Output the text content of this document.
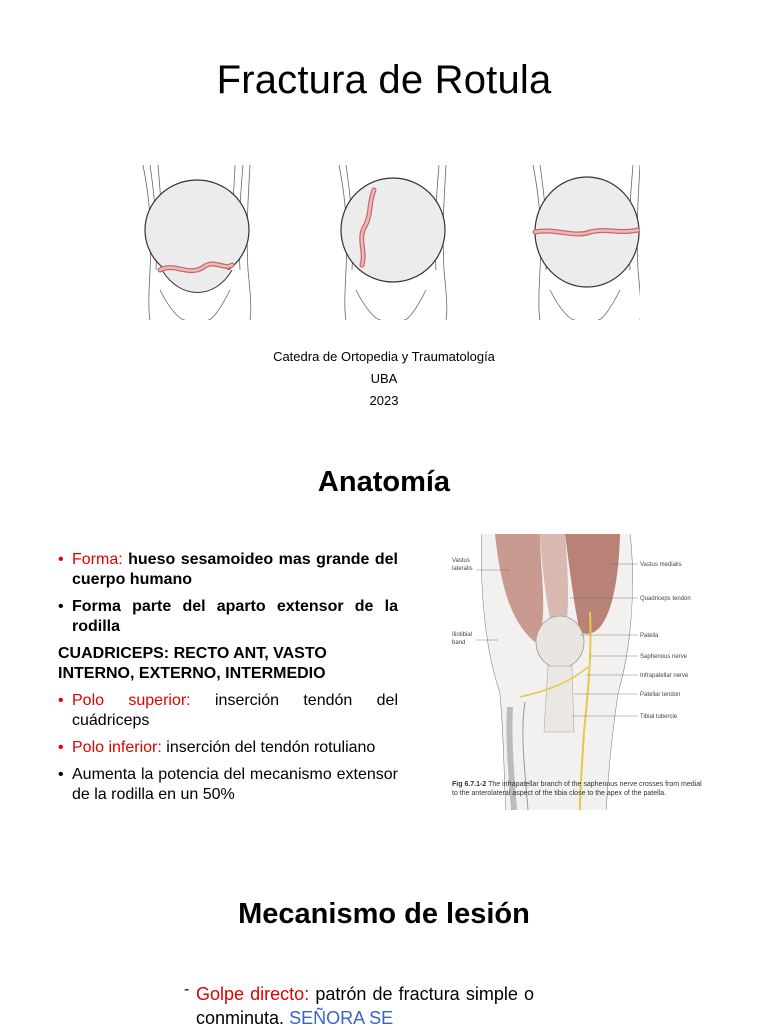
Fractura de Rotula
Catedra de Ortopedia y Traumatología
UBA
2023
Anatomía
• Forma: hueso sesamoideo mas grande del cuerpo humano
• Forma parte del aparto extensor de la rodilla
CUADRICEPS: RECTO ANT, VASTO INTERNO, EXTERNO, INTERMEDIO
• Polo superior: inserción tendón del cuádriceps
• Polo inferior: inserción del tendón rotuliano
• Aumenta la potencia del mecanismo extensor de la rodilla en un 50%
Vastus
lateralis
Iliotibial
band
Vastus medialis
Quadriceps tendon
Patella
Saphenous nerve
Infrapatellar nerve
Patellar tendon
Tibial tubercle
Fig 6.7.1-2 The infrapatellar branch of the saphenous nerve crosses from medial to the anterolateral aspect of the tibia close to the apex of the patella.
Mecanismo de lesión
- Golpe directo: patrón de fractura simple o conminuta. SEÑORA SE
